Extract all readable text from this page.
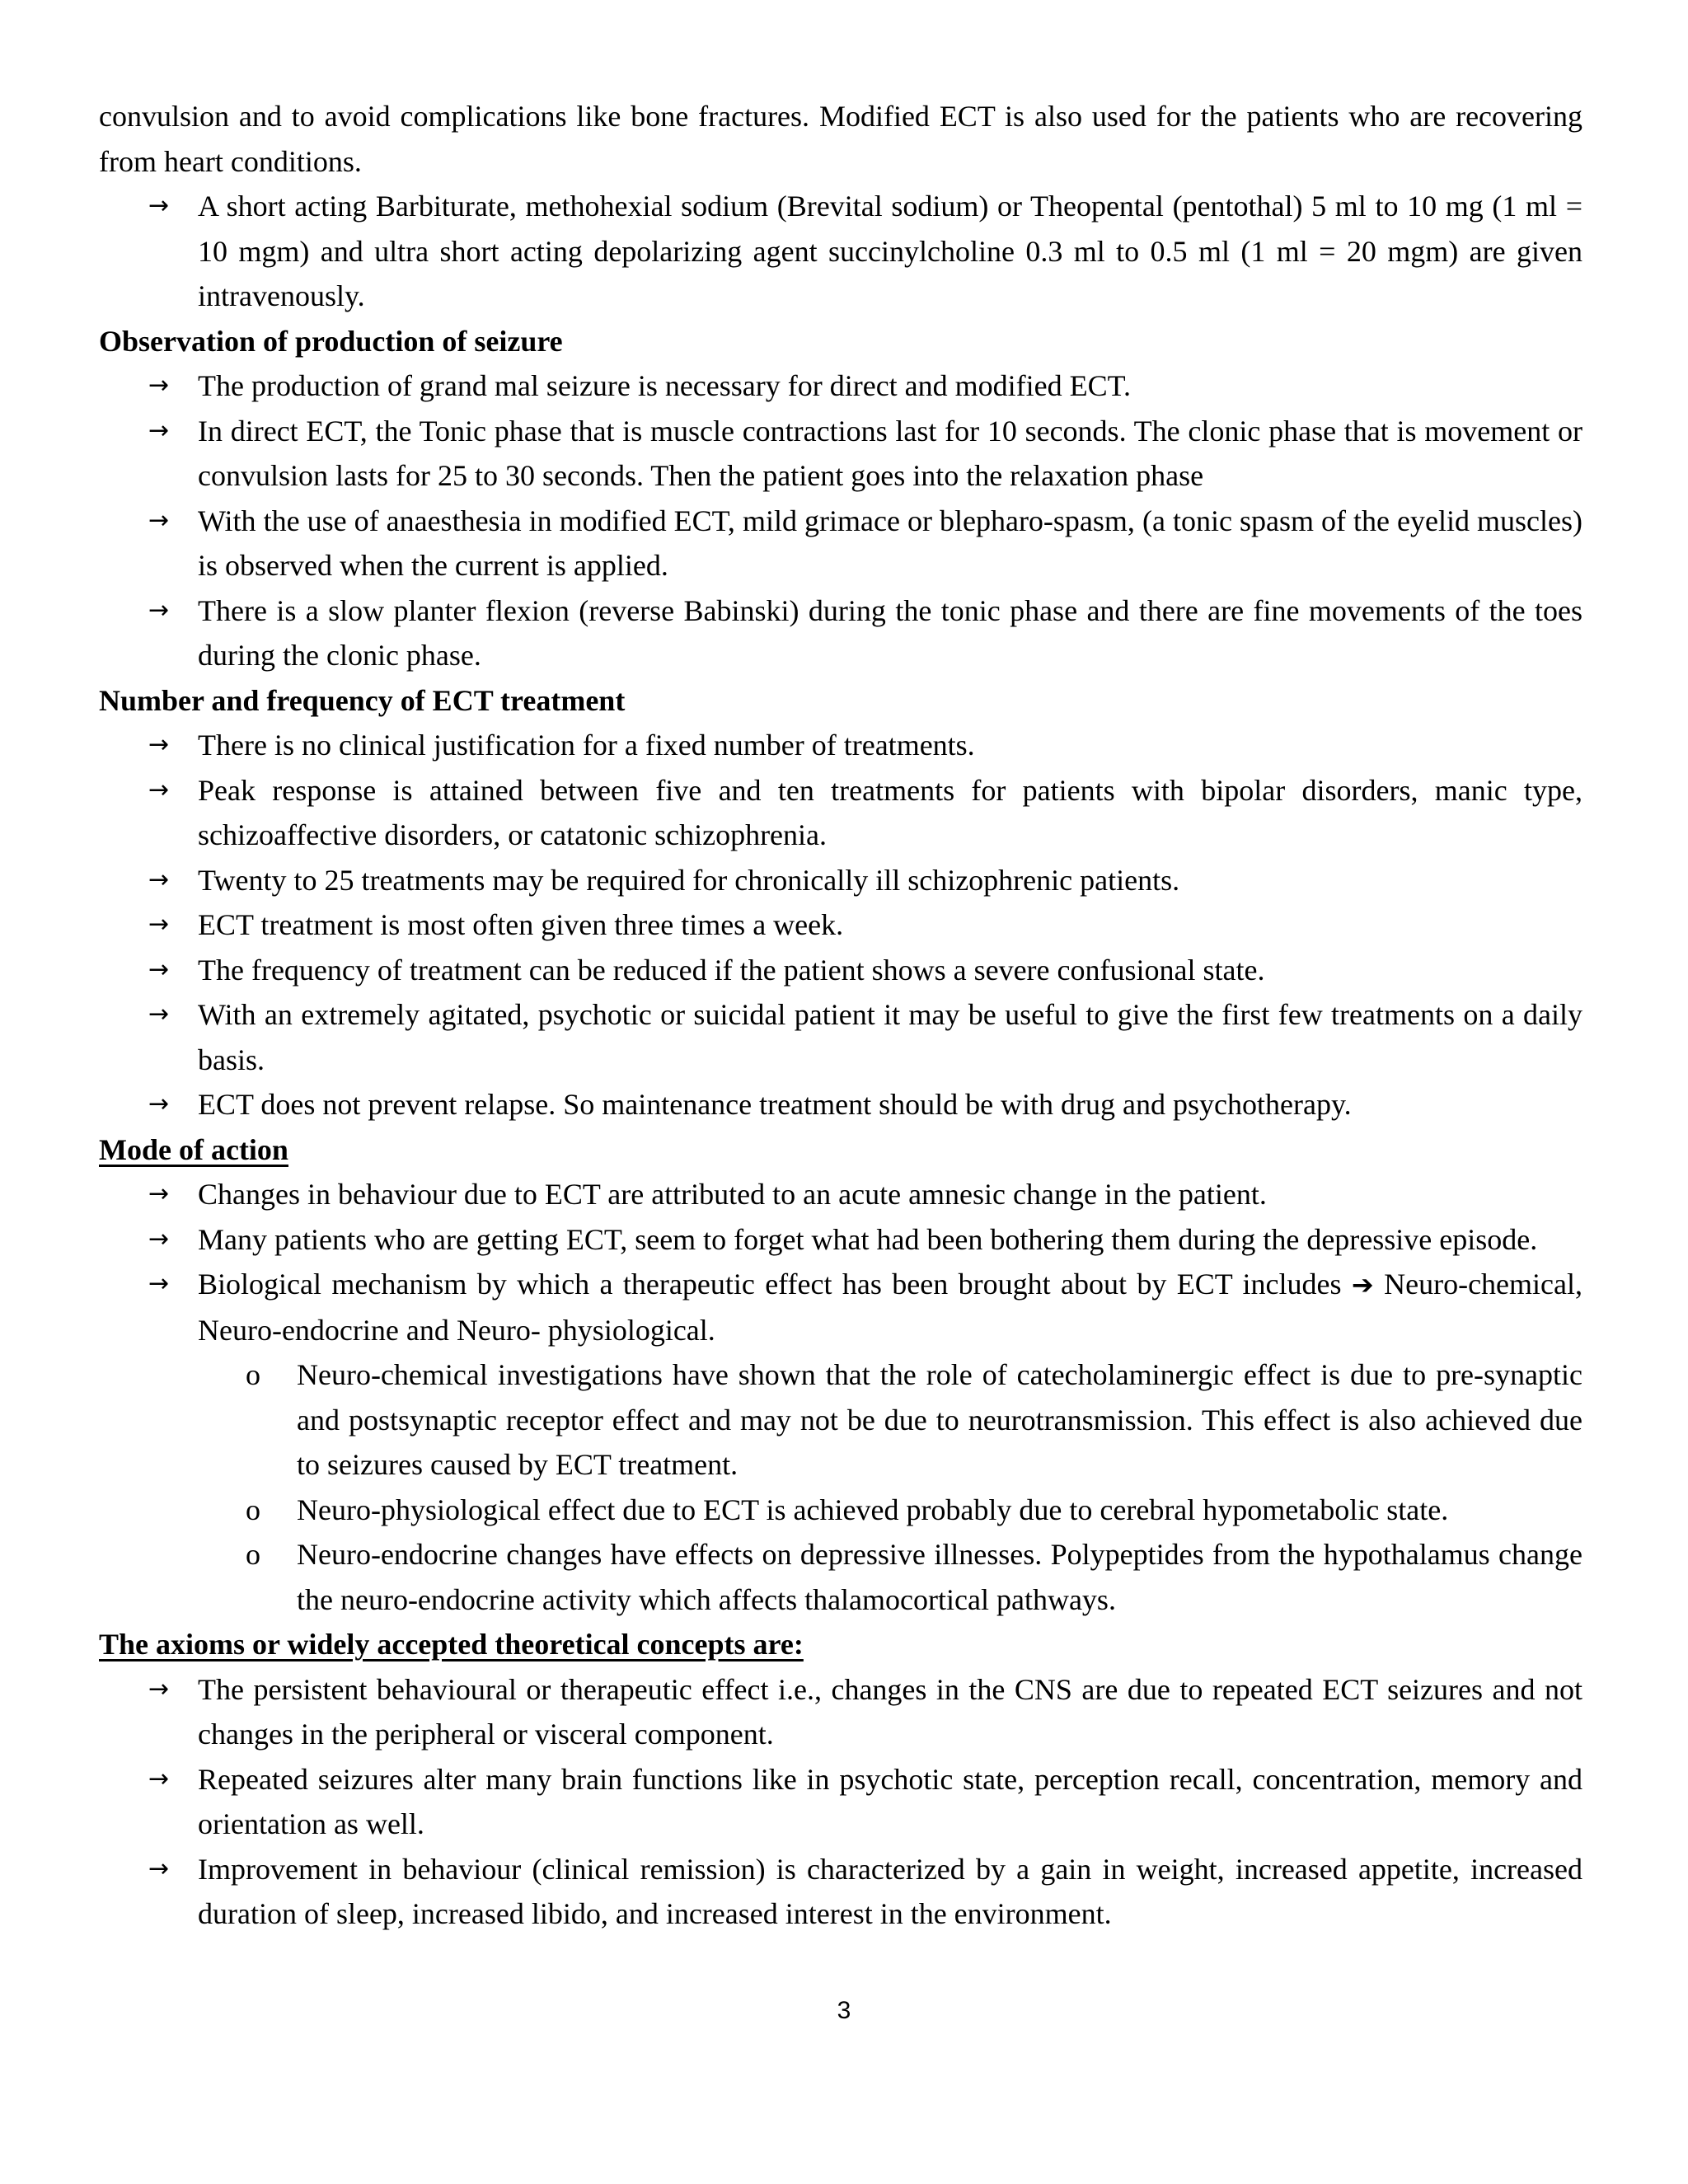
convulsion and to avoid complications like bone fractures. Modified ECT is also used for the patients who are recovering from heart conditions.

→ A short acting Barbiturate, methohexial sodium (Brevital sodium) or Theopental (pentothal) 5 ml to 10 mg (1 ml = 10 mgm) and ultra short acting depolarizing agent succinylcholine 0.3 ml to 0.5 ml (1 ml = 20 mgm) are given intravenously.

Observation of production of seizure

→ The production of grand mal seizure is necessary for direct and modified ECT.
→ In direct ECT, the Tonic phase that is muscle contractions last for 10 seconds. The clonic phase that is movement or convulsion lasts for 25 to 30 seconds. Then the patient goes into the relaxation phase
→ With the use of anaesthesia in modified ECT, mild grimace or blepharo-spasm, (a tonic spasm of the eyelid muscles) is observed when the current is applied.
→ There is a slow planter flexion (reverse Babinski) during the tonic phase and there are fine movements of the toes during the clonic phase.

Number and frequency of ECT treatment

→ There is no clinical justification for a fixed number of treatments.
→ Peak response is attained between five and ten treatments for patients with bipolar disorders, manic type, schizoaffective disorders, or catatonic schizophrenia.
→ Twenty to 25 treatments may be required for chronically ill schizophrenic patients.
→ ECT treatment is most often given three times a week.
→ The frequency of treatment can be reduced if the patient shows a severe confusional state.
→ With an extremely agitated, psychotic or suicidal patient it may be useful to give the first few treatments on a daily basis.
→ ECT does not prevent relapse. So maintenance treatment should be with drug and psychotherapy.

Mode of action

→ Changes in behaviour due to ECT are attributed to an acute amnesic change in the patient.
→ Many patients who are getting ECT, seem to forget what had been bothering them during the depressive episode.
→ Biological mechanism by which a therapeutic effect has been brought about by ECT includes ➔ Neuro-chemical, Neuro-endocrine and Neuro- physiological.
o	Neuro-chemical investigations have shown that the role of catecholaminergic effect is due to pre-synaptic and postsynaptic receptor effect and may not be due to neurotransmission. This effect is also achieved due to seizures caused by ECT treatment.
o	Neuro-physiological effect due to ECT is achieved probably due to cerebral hypometabolic state.
o	Neuro-endocrine changes have effects on depressive illnesses. Polypeptides from the hypothalamus change the neuro-endocrine activity which affects thalamocortical pathways.

The axioms or widely accepted theoretical concepts are:

→ The persistent behavioural or therapeutic effect i.e., changes in the CNS are due to repeated ECT seizures and not changes in the peripheral or visceral component.
→ Repeated seizures alter many brain functions like in psychotic state, perception recall, concentration, memory and orientation as well.
→ Improvement in behaviour (clinical remission) is characterized by a gain in weight, increased appetite, increased duration of sleep, increased libido, and increased interest in the environment.
3
